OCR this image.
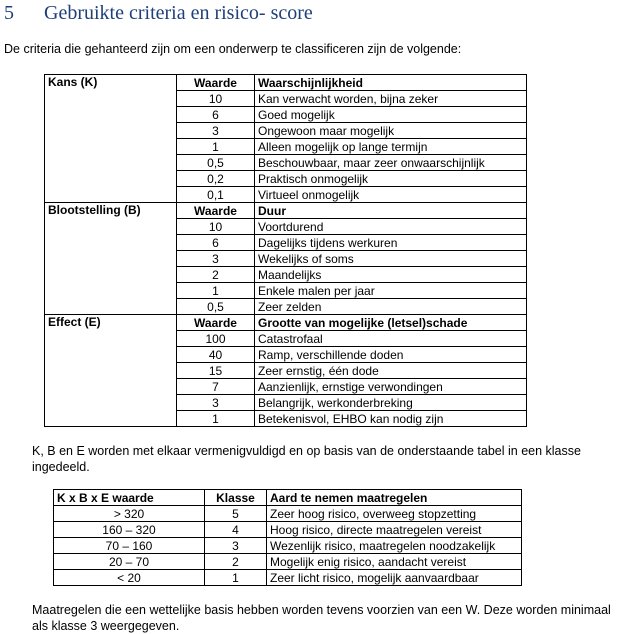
5 Gebruikte criteria en risico- score
De criteria die gehanteerd zijn om een onderwerp te classificeren zijn de volgende:
Kans (K)	Waarde	Waarschijnlijkheid
	10	Kan verwacht worden, bijna zeker
	6	Goed mogelijk
	3	Ongewoon maar mogelijk
	1	Alleen mogelijk op lange termijn
	0,5	Beschouwbaar, maar zeer onwaarschijnlijk
	0,2	Praktisch onmogelijk
	0,1	Virtueel onmogelijk
Blootstelling (B)	Waarde	Duur
	10	Voortdurend
	6	Dagelijks tijdens werkuren
	3	Wekelijks of soms
	2	Maandelijks
	1	Enkele malen per jaar
	0,5	Zeer zelden
Effect (E)	Waarde	Grootte van mogelijke (letsel)schade
	100	Catastrofaal
	40	Ramp, verschillende doden
	15	Zeer ernstig, één dode
	7	Aanzienlijk, ernstige verwondingen
	3	Belangrijk, werkonderbreking
	1	Betekenisvol, EHBO kan nodig zijn
K, B en E worden met elkaar vermenigvuldigd en op basis van de onderstaande tabel in een klasse ingedeeld.
K x B x E waarde	Klasse	Aard te nemen maatregelen
> 320	5	Zeer hoog risico, overweeg stopzetting
160 – 320	4	Hoog risico, directe maatregelen vereist
70 – 160	3	Wezenlijk risico, maatregelen noodzakelijk
20 – 70	2	Mogelijk enig risico, aandacht vereist
< 20	1	Zeer licht risico, mogelijk aanvaardbaar
Maatregelen die een wettelijke basis hebben worden tevens voorzien van een W. Deze worden minimaal als klasse 3 weergegeven.
